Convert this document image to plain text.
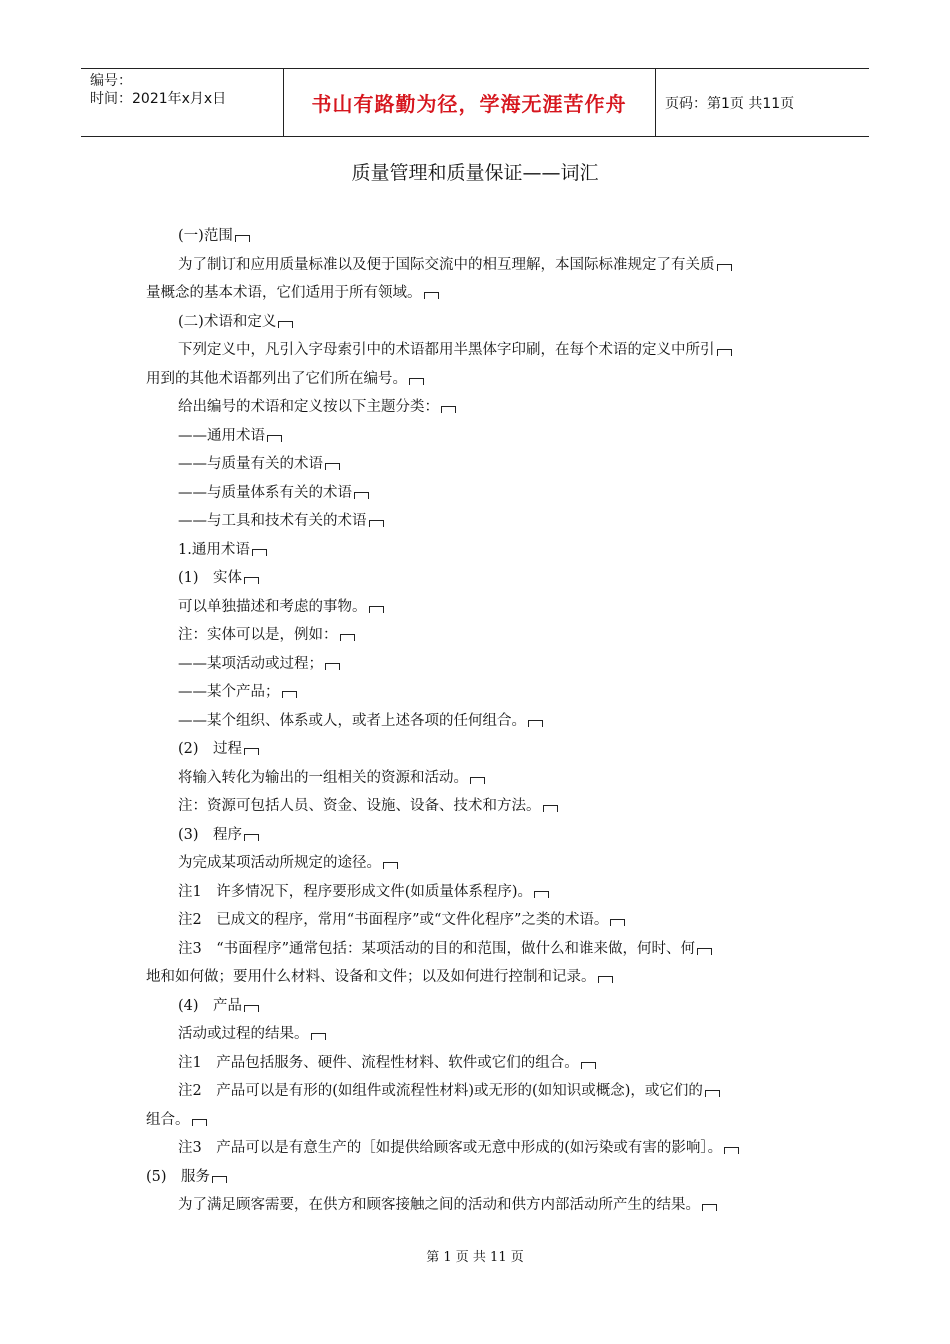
编号：
时间：2021年x月x日	书山有路勤为径，学海无涯苦作舟	页码：第1页 共11页
质量管理和质量保证——词汇
(一)范围
为了制订和应用质量标准以及便于国际交流中的相互理解，本国际标准规定了有关质
量概念的基本术语，它们适用于所有领域。
(二)术语和定义
下列定义中，凡引入字母索引中的术语都用半黑体字印刷，在每个术语的定义中所引
用到的其他术语都列出了它们所在编号。
给出编号的术语和定义按以下主题分类：
——通用术语
——与质量有关的术语
——与质量体系有关的术语
——与工具和技术有关的术语
1.通用术语
(1)　实体
可以单独描述和考虑的事物。
注：实体可以是，例如：
——某项活动或过程；
——某个产品；
——某个组织、体系或人，或者上述各项的任何组合。
(2)　过程
将输入转化为输出的一组相关的资源和活动。
注：资源可包括人员、资金、设施、设备、技术和方法。
(3)　程序
为完成某项活动所规定的途径。
注1　许多情况下，程序要形成文件(如质量体系程序)。
注2　已成文的程序，常用“书面程序”或“文件化程序”之类的术语。
注3　“书面程序”通常包括：某项活动的目的和范围，做什么和谁来做，何时、何
地和如何做；要用什么材料、设备和文件；以及如何进行控制和记录。
(4)　产品
活动或过程的结果。
注1　产品包括服务、硬件、流程性材料、软件或它们的组合。
注2　产品可以是有形的(如组件或流程性材料)或无形的(如知识或概念)，或它们的
组合。
注3　产品可以是有意生产的［如提供给顾客或无意中形成的(如污染或有害的影响］。
(5)　服务
为了满足顾客需要，在供方和顾客接触之间的活动和供方内部活动所产生的结果。
第 1 页 共 11 页
